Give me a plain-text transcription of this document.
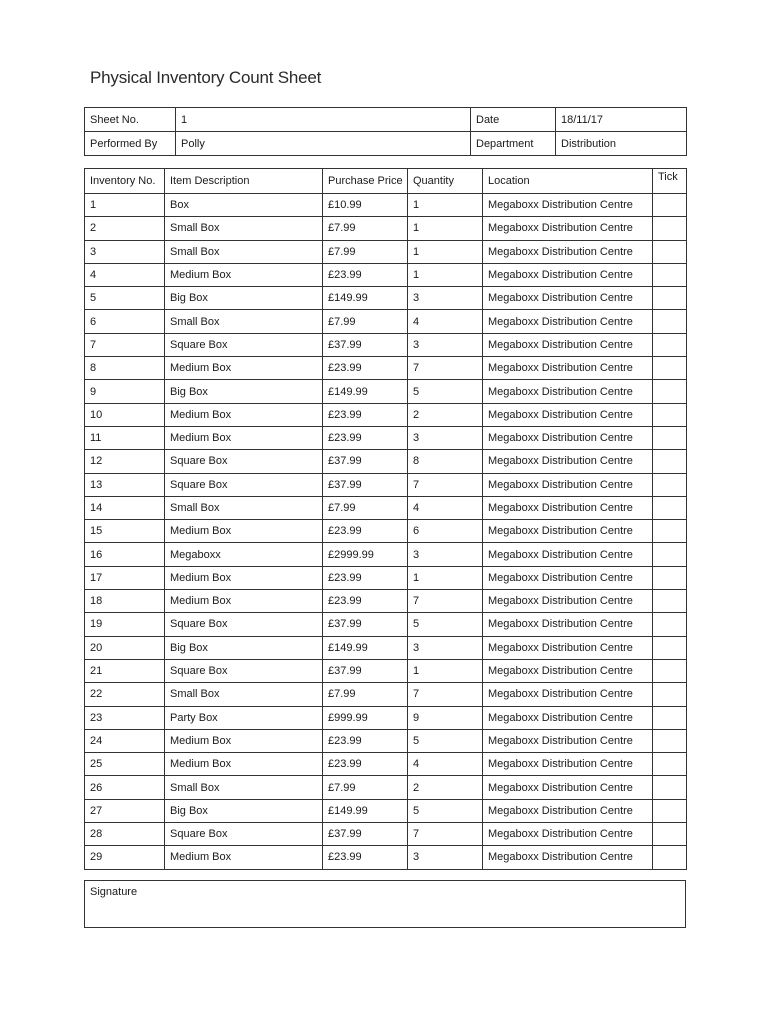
Physical Inventory Count Sheet
Sheet No.	1	Date	18/11/17
Performed By	Polly	Department	Distribution
Inventory No.	Item Description	Purchase Price	Quantity	Location	Tick
1	Box	£10.99	1	Megaboxx Distribution Centre	
2	Small Box	£7.99	1	Megaboxx Distribution Centre	
3	Small Box	£7.99	1	Megaboxx Distribution Centre	
4	Medium Box	£23.99	1	Megaboxx Distribution Centre	
5	Big Box	£149.99	3	Megaboxx Distribution Centre	
6	Small Box	£7.99	4	Megaboxx Distribution Centre	
7	Square Box	£37.99	3	Megaboxx Distribution Centre	
8	Medium Box	£23.99	7	Megaboxx Distribution Centre	
9	Big Box	£149.99	5	Megaboxx Distribution Centre	
10	Medium Box	£23.99	2	Megaboxx Distribution Centre	
11	Medium Box	£23.99	3	Megaboxx Distribution Centre	
12	Square Box	£37.99	8	Megaboxx Distribution Centre	
13	Square Box	£37.99	7	Megaboxx Distribution Centre	
14	Small Box	£7.99	4	Megaboxx Distribution Centre	
15	Medium Box	£23.99	6	Megaboxx Distribution Centre	
16	Megaboxx	£2999.99	3	Megaboxx Distribution Centre	
17	Medium Box	£23.99	1	Megaboxx Distribution Centre	
18	Medium Box	£23.99	7	Megaboxx Distribution Centre	
19	Square Box	£37.99	5	Megaboxx Distribution Centre	
20	Big Box	£149.99	3	Megaboxx Distribution Centre	
21	Square Box	£37.99	1	Megaboxx Distribution Centre	
22	Small Box	£7.99	7	Megaboxx Distribution Centre	
23	Party Box	£999.99	9	Megaboxx Distribution Centre	
24	Medium Box	£23.99	5	Megaboxx Distribution Centre	
25	Medium Box	£23.99	4	Megaboxx Distribution Centre	
26	Small Box	£7.99	2	Megaboxx Distribution Centre	
27	Big Box	£149.99	5	Megaboxx Distribution Centre	
28	Square Box	£37.99	7	Megaboxx Distribution Centre	
29	Medium Box	£23.99	3	Megaboxx Distribution Centre	
Signature
